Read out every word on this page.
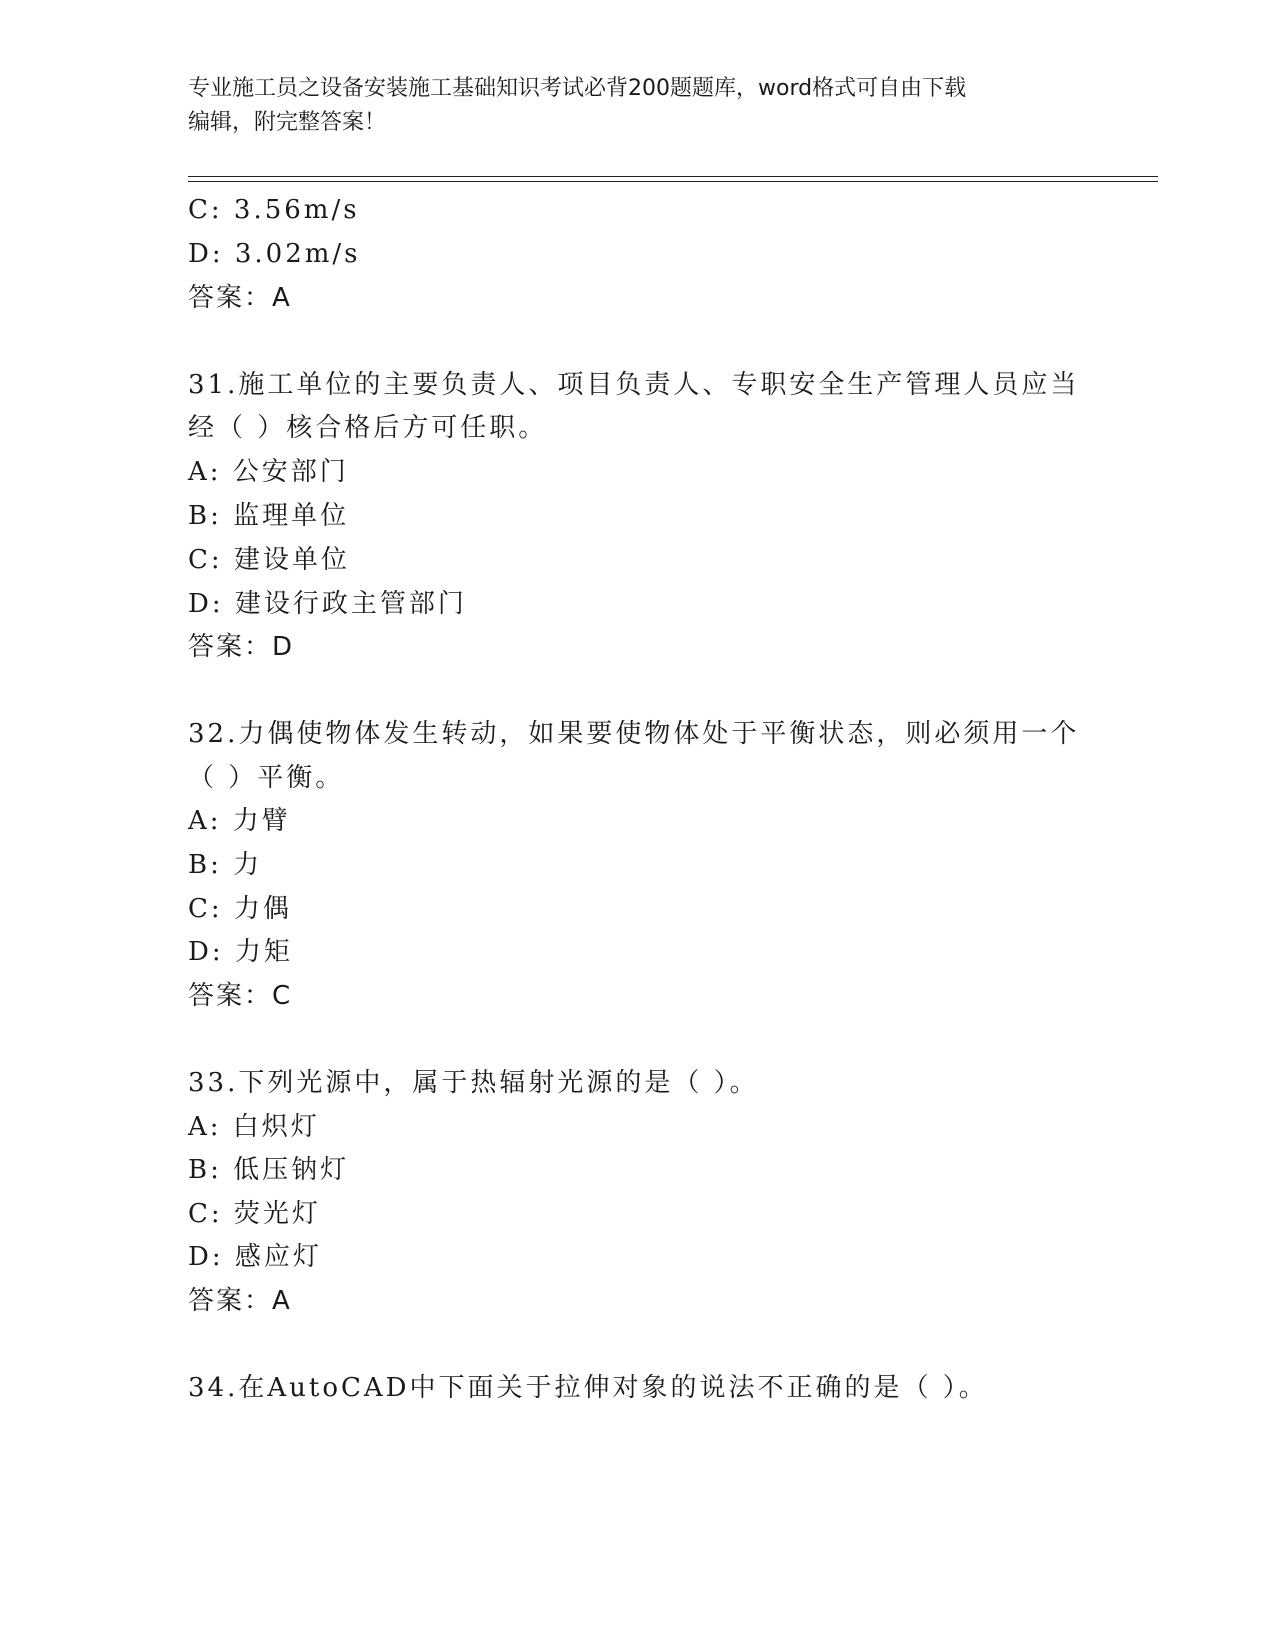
专业施工员之设备安装施工基础知识考试必背200题题库，word格式可自由下载
编辑，附完整答案！
C: 3.56m/s
D: 3.02m/s
答案：A
31.施工单位的主要负责人、项目负责人、专职安全生产管理人员应当
经（ ）核合格后方可任职。
A: 公安部门
B: 监理单位
C: 建设单位
D: 建设行政主管部门
答案：D
32.力偶使物体发生转动，如果要使物体处于平衡状态，则必须用一个
（ ）平衡。
A: 力臂
B: 力
C: 力偶
D: 力矩
答案：C
33.下列光源中，属于热辐射光源的是（ ）。
A: 白炽灯
B: 低压钠灯
C: 荧光灯
D: 感应灯
答案：A
34.在AutoCAD中下面关于拉伸对象的说法不正确的是（ ）。
